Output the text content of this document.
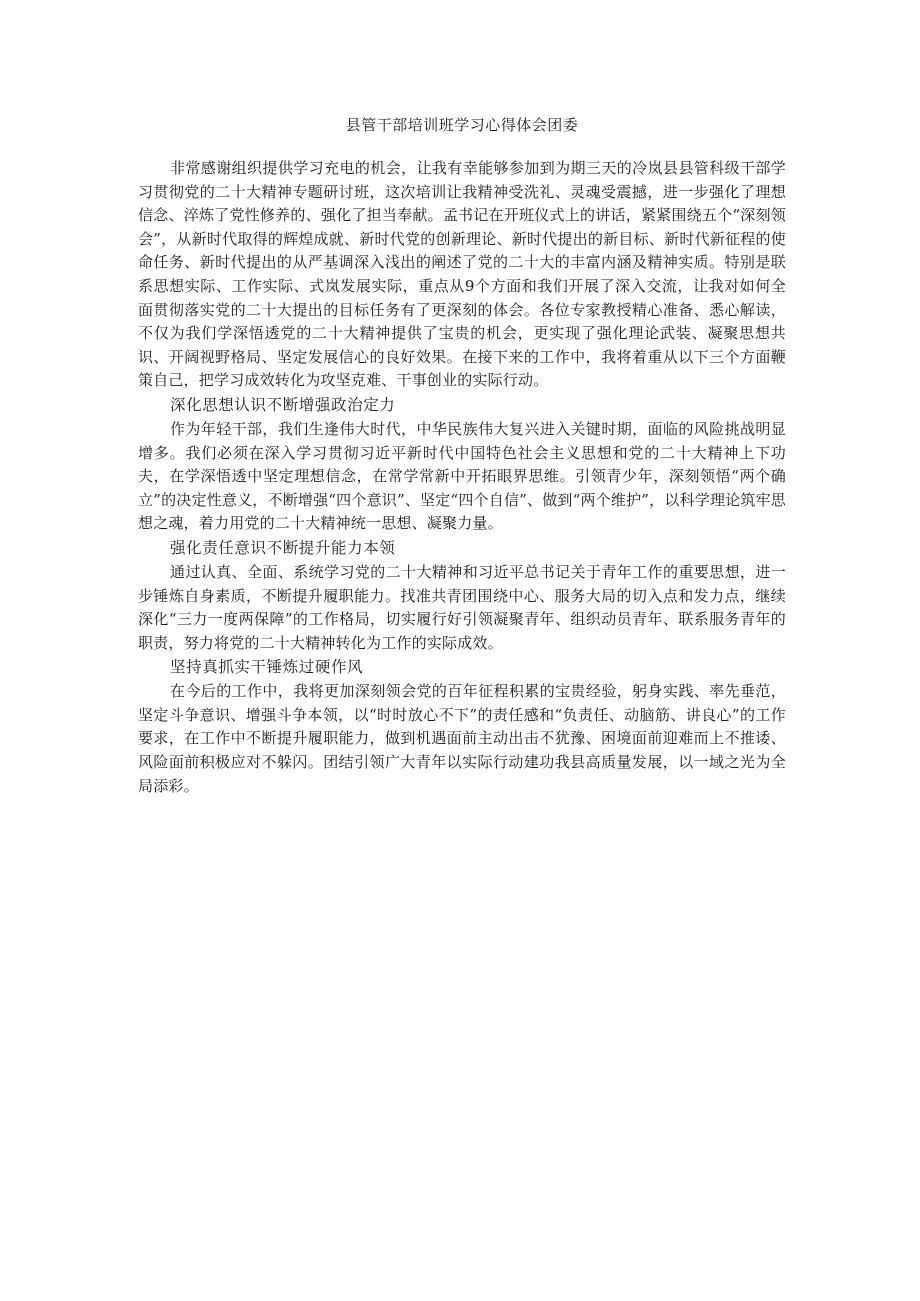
县管干部培训班学习心得体会团委

非常感谢组织提供学习充电的机会，让我有幸能够参加到为期三天的冷岚县县管科级干部学习贯彻党的二十大精神专题研讨班，这次培训让我精神受洗礼、灵魂受震撼，进一步强化了理想信念、淬炼了党性修养的、强化了担当奉献。孟书记在开班仪式上的讲话，紧紧围绕五个“深刻领会”，从新时代取得的辉煌成就、新时代党的创新理论、新时代提出的新目标、新时代新征程的使命任务、新时代提出的从严基调深入浅出的阐述了党的二十大的丰富内涵及精神实质。特别是联系思想实际、工作实际、式岚发展实际，重点从9个方面和我们开展了深入交流，让我对如何全面贯彻落实党的二十大提出的目标任务有了更深刻的体会。各位专家教授精心准备、悉心解读，不仅为我们学深悟透党的二十大精神提供了宝贵的机会，更实现了强化理论武装、凝聚思想共识、开阔视野格局、坚定发展信心的良好效果。在接下来的工作中，我将着重从以下三个方面鞭策自己，把学习成效转化为攻坚克难、干事创业的实际行动。

深化思想认识不断增强政治定力

作为年轻干部，我们生逢伟大时代，中华民族伟大复兴进入关键时期，面临的风险挑战明显增多。我们必须在深入学习贯彻习近平新时代中国特色社会主义思想和党的二十大精神上下功夫，在学深悟透中坚定理想信念，在常学常新中开拓眼界思维。引领青少年，深刻领悟“两个确立”的决定性意义，不断增强“四个意识”、坚定“四个自信”、做到“两个维护”，以科学理论筑牢思想之魂，着力用党的二十大精神统一思想、凝聚力量。

强化责任意识不断提升能力本领

通过认真、全面、系统学习党的二十大精神和习近平总书记关于青年工作的重要思想，进一步锤炼自身素质，不断提升履职能力。找准共青团围绕中心、服务大局的切入点和发力点，继续深化“三力一度两保障”的工作格局，切实履行好引领凝聚青年、组织动员青年、联系服务青年的职责，努力将党的二十大精神转化为工作的实际成效。

坚持真抓实干锤炼过硬作风

在今后的工作中，我将更加深刻领会党的百年征程积累的宝贵经验，躬身实践、率先垂范，坚定斗争意识、增强斗争本领，以“时时放心不下”的责任感和“负责任、动脑筋、讲良心”的工作要求，在工作中不断提升履职能力，做到机遇面前主动出击不犹豫、困境面前迎难而上不推诿、风险面前积极应对不躲闪。团结引领广大青年以实际行动建功我县高质量发展，以一域之光为全局添彩。
